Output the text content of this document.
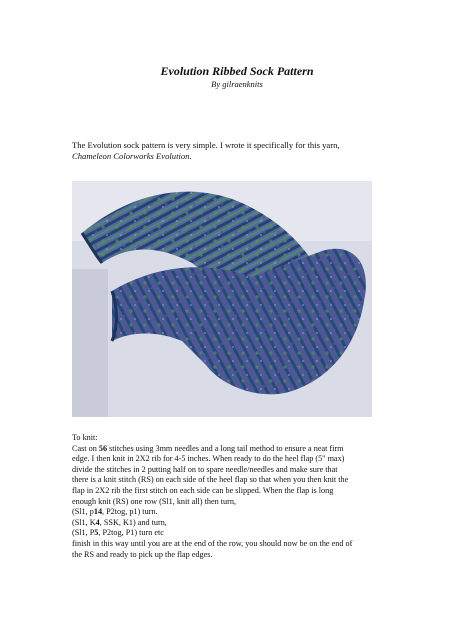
Evolution Ribbed Sock Pattern
By gilraenknits
The Evolution sock pattern is very simple. I wrote it specifically for this yarn,
Chameleon Colorworks Evolution.

To knit:

Cast on 56 stitches using 3mm needles and a long tail method to ensure a neat firm

edge. I then knit in 2X2 rib for 4-5 inches. When ready to do the heel flap (5" max)

divide the stitches in 2 putting half on to spare needle/needles and make sure that

there is a knit stitch (RS) on each side of the heel flap so that when you then knit the

flap in 2X2 rib the first stitch on each side can be slipped. When the flap is long

enough knit (RS) one row (Sl1, knit all) then turn,

(Sl1, p14, P2tog, p1) turn.

(Sl1, K4, SSK, K1) and turn,

(Sl1, P5, P2tog, P1) turn etc

finish in this way until you are at the end of the row, you should now be on the end of

the RS and ready to pick up the flap edges.
